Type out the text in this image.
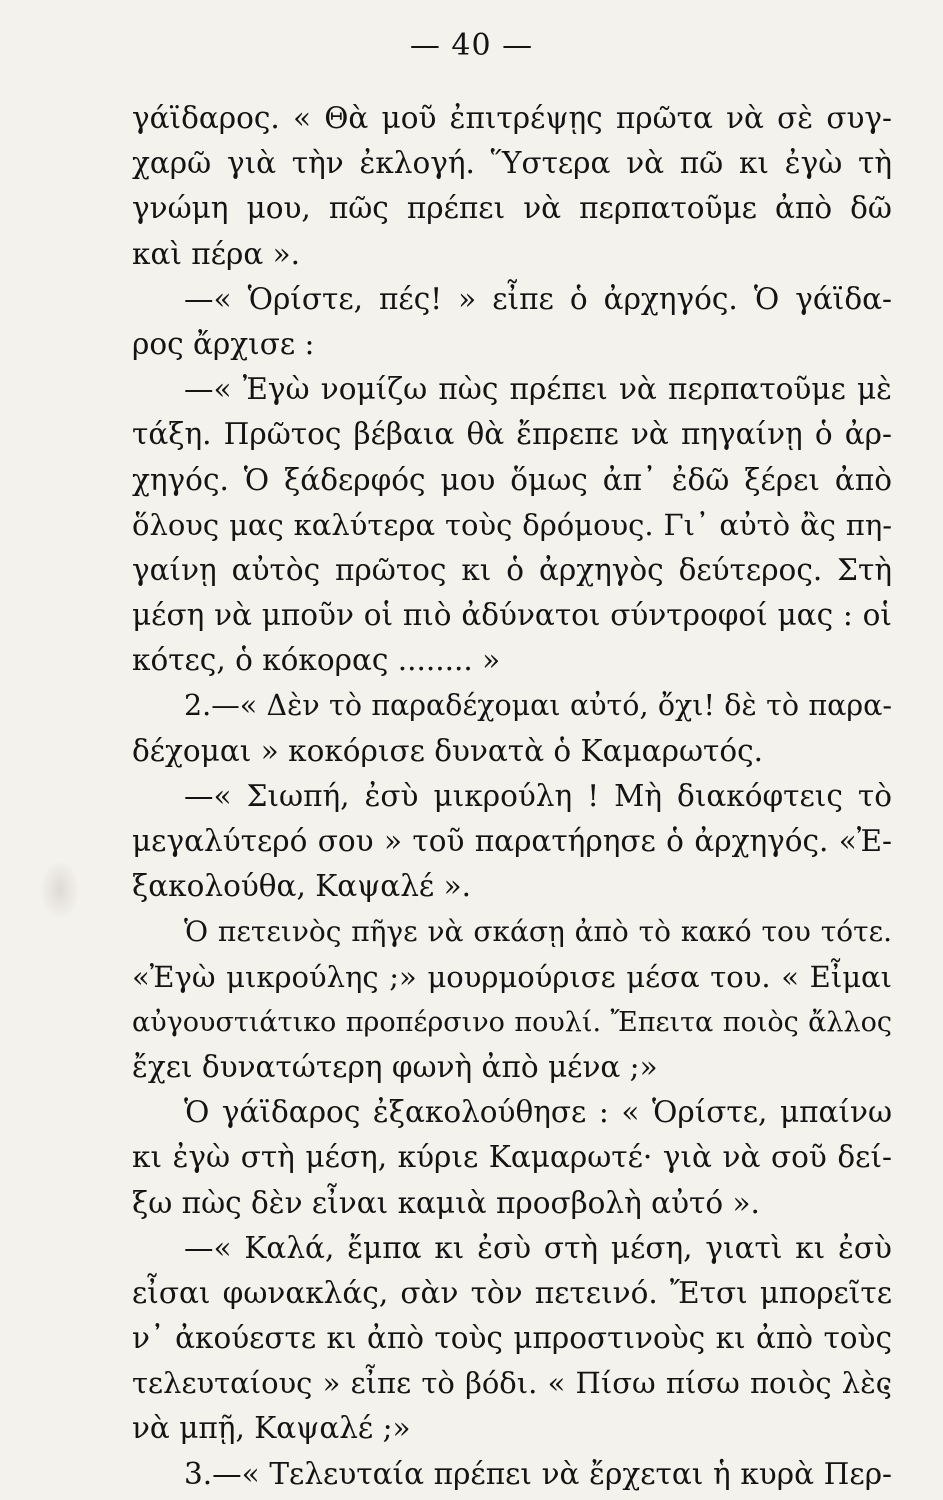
— 40 —
γάϊδαρος. « Θὰ μοῦ ἐπιτρέψῃς πρῶτα νὰ σὲ συγ-
χαρῶ γιὰ τὴν ἐκλογή. Ὕστερα νὰ πῶ κι ἐγὼ τὴ
γνώμη μου, πῶς πρέπει νὰ περπατοῦμε ἀπὸ δῶ
καὶ πέρα ».
—« Ὁρίστε, πές! » εἶπε ὁ ἀρχηγός. Ὁ γάϊδα-
ρος ἄρχισε :
—« Ἐγὼ νομίζω πὼς πρέπει νὰ περπατοῦμε μὲ
τάξη. Πρῶτος βέβαια θὰ ἔπρεπε νὰ πηγαίνῃ ὁ ἀρ-
χηγός. Ὁ ξάδερφός μου ὅμως ἀπ᾽ ἐδῶ ξέρει ἀπὸ
ὅλους μας καλύτερα τοὺς δρόμους. Γι᾽ αὐτὸ ἂς πη-
γαίνῃ αὐτὸς πρῶτος κι ὁ ἀρχηγὸς δεύτερος. Στὴ
μέση νὰ μποῦν οἱ πιὸ ἀδύνατοι σύντροφοί μας : οἱ
κότες, ὁ κόκορας ........ »
2.—« Δὲν τὸ παραδέχομαι αὐτό, ὄχι! δὲ τὸ παρα-
δέχομαι » κοκόρισε δυνατὰ ὁ Καμαρωτός.
—« Σιωπή, ἐσὺ μικρούλη ! Μὴ διακόφτεις τὸ
μεγαλύτερό σου » τοῦ παρατήρησε ὁ ἀρχηγός. «Ἐ-
ξακολούθα, Καψαλέ ».
Ὁ πετεινὸς πῆγε νὰ σκάσῃ ἀπὸ τὸ κακό του τότε.
«Ἐγὼ μικρούλης ;» μουρμούρισε μέσα του. « Εἶμαι
αὐγουστιάτικο προπέρσινο πουλί. Ἔπειτα ποιὸς ἄλλος
ἔχει δυνατώτερη φωνὴ ἀπὸ μένα ;»
Ὁ γάϊδαρος ἐξακολούθησε : « Ὁρίστε, μπαίνω
κι ἐγὼ στὴ μέση, κύριε Καμαρωτέ· γιὰ νὰ σοῦ δεί-
ξω πὼς δὲν εἶναι καμιὰ προσβολὴ αὐτό ».
—« Καλά, ἔμπα κι ἐσὺ στὴ μέση, γιατὶ κι ἐσὺ
εἶσαι φωνακλάς, σὰν τὸν πετεινό. Ἔτσι μπορεῖτε
ν᾽ ἀκούεστε κι ἀπὸ τοὺς μπροστινοὺς κι ἀπὸ τοὺς
τελευταίους » εἶπε τὸ βόδι. « Πίσω πίσω ποιὸς λὲς
νὰ μπῇ, Καψαλέ ;»
3.—« Τελευταία πρέπει νὰ ἔρχεται ἡ κυρὰ Περ-
